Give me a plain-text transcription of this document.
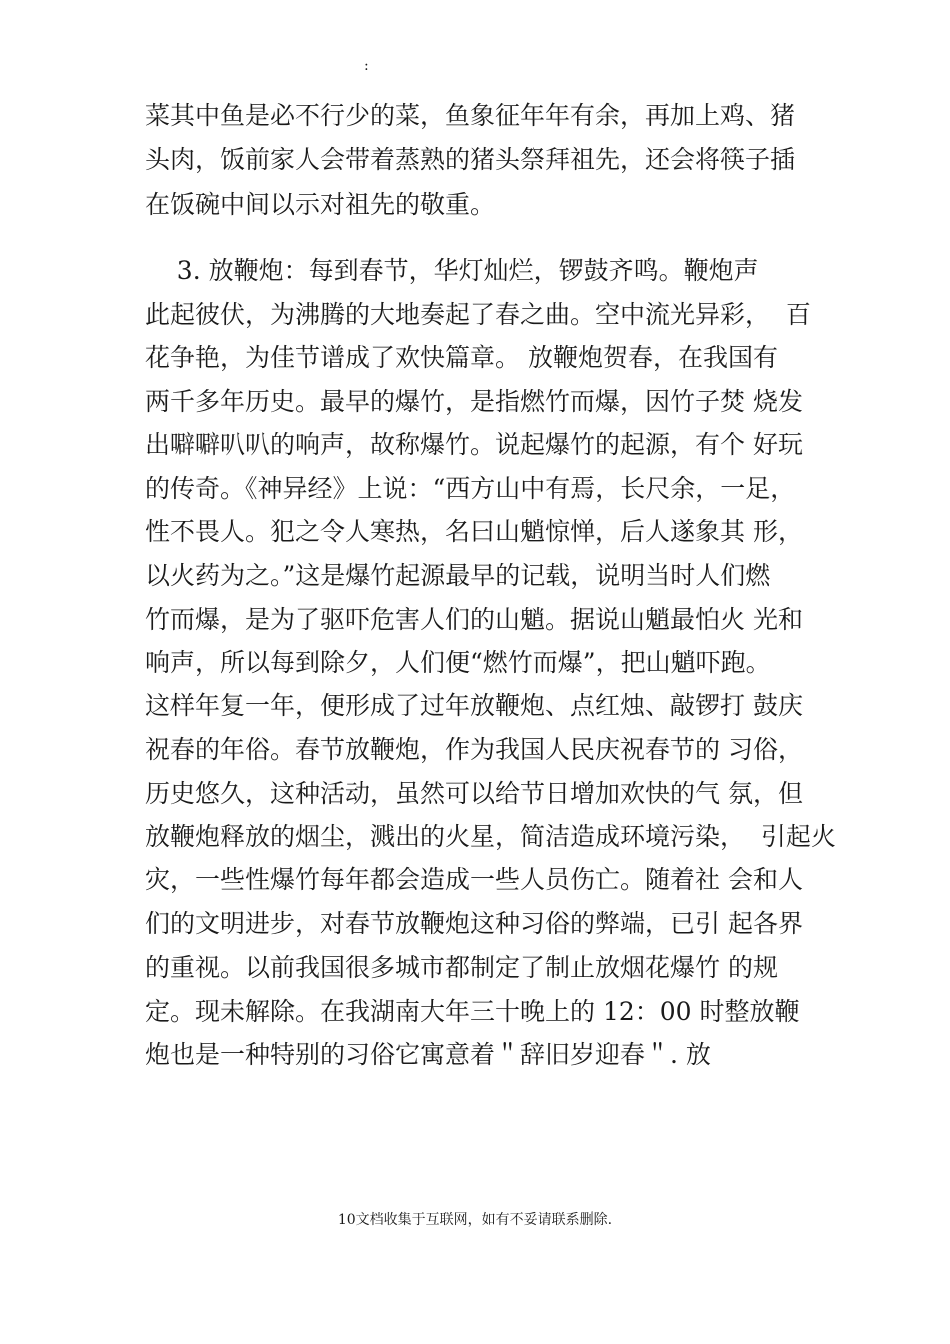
:
菜其中鱼是必不行少的菜，鱼象征年年有余，再加上鸡、猪
头肉，饭前家人会带着蒸熟的猪头祭拜祖先，还会将筷子插
在饭碗中间以示对祖先的敬重。
3. 放鞭炮：每到春节，华灯灿烂，锣鼓齐鸣。鞭炮声
此起彼伏，为沸腾的大地奏起了春之曲。空中流光异彩，  百
花争艳，为佳节谱成了欢快篇章。 放鞭炮贺春，在我国有
两千多年历史。最早的爆竹，是指燃竹而爆，因竹子焚 烧发
出噼噼叭叭的响声，故称爆竹。说起爆竹的起源，有个 好玩
的传奇。《神异经》上说：“西方山中有焉，长尺余，一足，
性不畏人。犯之令人寒热，名曰山魈惊惮，后人遂象其 形，
以火药为之。”这是爆竹起源最早的记载，说明当时人们燃
竹而爆，是为了驱吓危害人们的山魈。据说山魈最怕火 光和
响声，所以每到除夕，人们便“燃竹而爆”，把山魈吓跑。
这样年复一年，便形成了过年放鞭炮、点红烛、敲锣打 鼓庆
祝春的年俗。春节放鞭炮，作为我国人民庆祝春节的 习俗，
历史悠久，这种活动，虽然可以给节日增加欢快的气 氛，但
放鞭炮释放的烟尘，溅出的火星，简洁造成环境污染，  引起火
灾，一些性爆竹每年都会造成一些人员伤亡。随着社 会和人
们的文明进步，对春节放鞭炮这种习俗的弊端，已引 起各界
的重视。以前我国很多城市都制定了制止放烟花爆竹 的规
定。现未解除。在我湖南大年三十晚上的 12：00 时整放鞭
炮也是一种特别的习俗它寓意着＂辞旧岁迎春＂. 放
10文档收集于互联网，如有不妥请联系删除.
